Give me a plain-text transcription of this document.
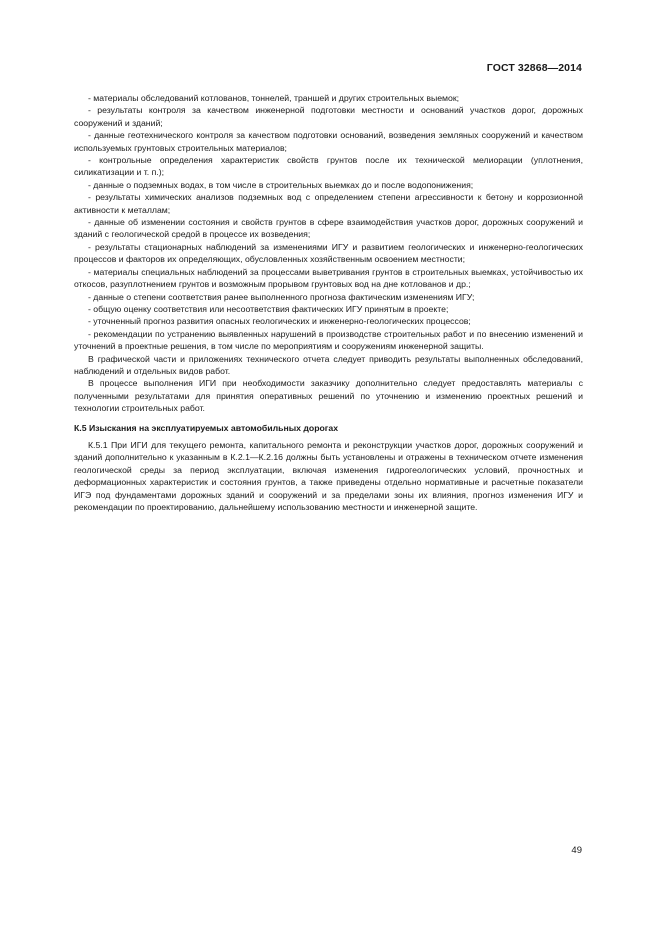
ГОСТ 32868—2014

- материалы обследований котлованов, тоннелей, траншей и других строительных выемок;

- результаты контроля за качеством инженерной подготовки местности и оснований участков дорог, дорожных сооружений и зданий;

- данные геотехнического контроля за качеством подготовки оснований, возведения земляных сооружений и качеством используемых грунтовых строительных материалов;

- контрольные определения характеристик свойств грунтов после их технической мелиорации (уплотнения, силикатизации и т. п.);

- данные о подземных водах, в том числе в строительных выемках до и после водопонижения;

- результаты химических анализов подземных вод с определением степени агрессивности к бетону и коррозионной активности к металлам;

- данные об изменении состояния и свойств грунтов в сфере взаимодействия участков дорог, дорожных сооружений и зданий с геологической средой в процессе их возведения;

- результаты стационарных наблюдений за изменениями ИГУ и развитием геологических и инженерно-геологических процессов и факторов их определяющих, обусловленных хозяйственным освоением местности;

- материалы специальных наблюдений за процессами выветривания грунтов в строительных выемках, устойчивостью их откосов, разуплотнением грунтов и возможным прорывом грунтовых вод на дне котлованов и др.;

- данные о степени соответствия ранее выполненного прогноза фактическим изменениям ИГУ;

- общую оценку соответствия или несоответствия фактических ИГУ принятым в проекте;

- уточненный прогноз развития опасных геологических и инженерно-геологических процессов;

- рекомендации по устранению выявленных нарушений в производстве строительных работ и по внесению изменений и уточнений в проектные решения, в том числе по мероприятиям и сооружениям инженерной защиты.

В графической части и приложениях технического отчета следует приводить результаты выполненных обследований, наблюдений и отдельных видов работ.

В процессе выполнения ИГИ при необходимости заказчику дополнительно следует предоставлять материалы с полученными результатами для принятия оперативных решений по уточнению и изменению проектных решений и технологии строительных работ.

К.5 Изыскания на эксплуатируемых автомобильных дорогах

К.5.1 При ИГИ для текущего ремонта, капитального ремонта и реконструкции участков дорог, дорожных сооружений и зданий дополнительно к указанным в К.2.1—К.2.16 должны быть установлены и отражены в техническом отчете изменения геологической среды за период эксплуатации, включая изменения гидрогеологических условий, прочностных и деформационных характеристик и состояния грунтов, а также приведены отдельно нормативные и расчетные показатели ИГЭ под фундаментами дорожных зданий и сооружений и за пределами зоны их влияния, прогноз изменения ИГУ и рекомендации по проектированию, дальнейшему использованию местности и инженерной защите.

49
